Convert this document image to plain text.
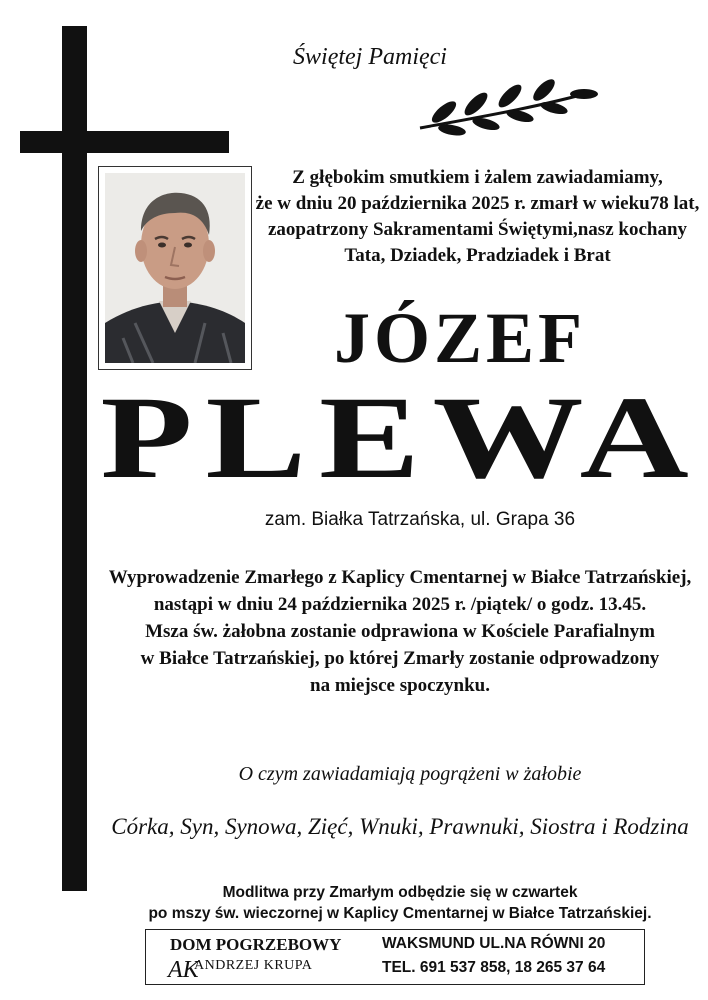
Świętej Pamięci
Z głębokim smutkiem i żalem zawiadamiamy,
że w dniu 20 października 2025 r. zmarł w wieku78 lat,
zaopatrzony Sakramentami Świętymi,nasz kochany
Tata, Dziadek, Pradziadek i Brat
JÓZEF
PLEWA
zam. Białka Tatrzańska, ul. Grapa 36
Wyprowadzenie Zmarłego z Kaplicy Cmentarnej w Białce Tatrzańskiej,
nastąpi w dniu 24 października 2025 r. /piątek/ o godz. 13.45.
Msza św. żałobna zostanie odprawiona w Kościele Parafialnym
w Białce Tatrzańskiej, po której Zmarły zostanie odprowadzony
na miejsce spoczynku.
O czym zawiadamiają pogrążeni w żałobie
Córka, Syn, Synowa, Zięć, Wnuki, Prawnuki, Siostra i Rodzina
Modlitwa przy Zmarłym odbędzie się w czwartek
po mszy św. wieczornej w Kaplicy Cmentarnej w Białce Tatrzańskiej.
DOM POGRZEBOWY
AK
ANDRZEJ KRUPA
WAKSMUND UL.NA RÓWNI 20
TEL. 691 537 858, 18 265 37 64
